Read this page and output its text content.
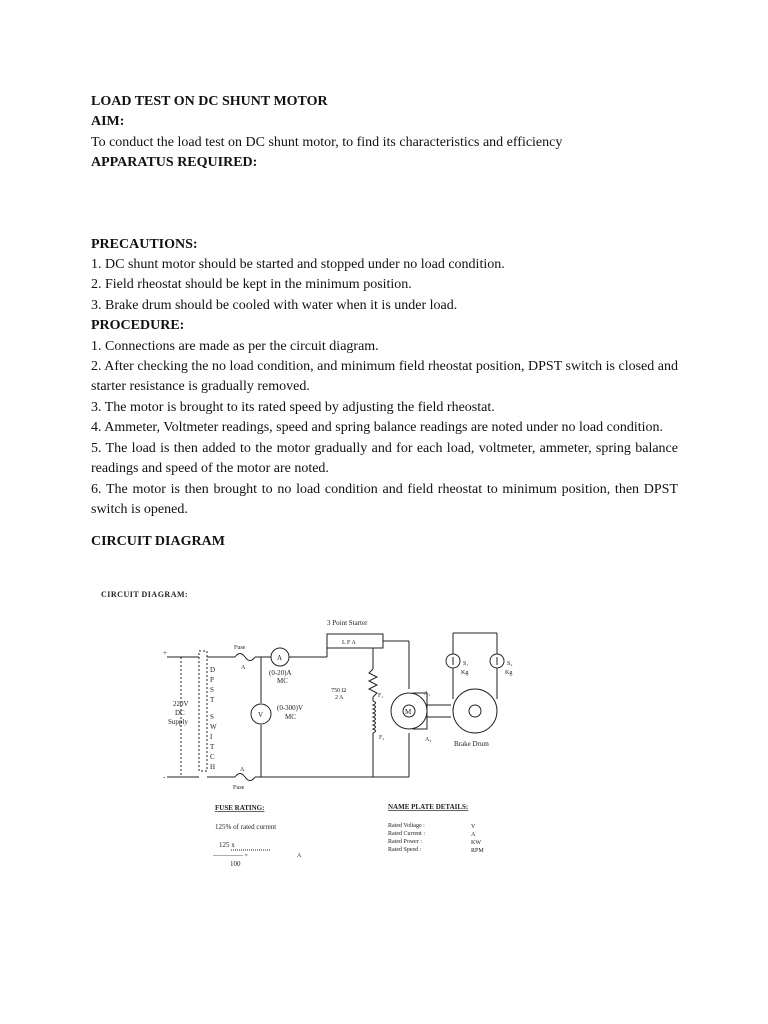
LOAD TEST ON DC SHUNT MOTOR

AIM:

To conduct the load test on DC shunt motor, to find its characteristics and efficiency

APPARATUS REQUIRED:

PRECAUTIONS:

1. DC shunt motor should be started and stopped under no load condition.

2. Field rheostat should be kept in the minimum position.

3. Brake drum should be cooled with water when it is under load.

PROCEDURE:

1. Connections are made as per the circuit diagram.

2. After checking the no load condition, and minimum field rheostat position, DPST switch is closed and starter resistance is gradually removed.

3. The motor is brought to its rated speed by adjusting the field rheostat.

4. Ammeter, Voltmeter readings, speed and spring balance readings are noted under no load condition.

5. The load is then added to the motor gradually and for each load, voltmeter, ammeter, spring balance readings and speed of the motor are noted.

6. The motor is then brought to no load condition and field rheostat to minimum position, then DPST switch is opened.

CIRCUIT DIAGRAM

CIRCUIT DIAGRAM:
3 Point Starter
L F A
+
-
220V
DC
Supply
D
P
S
T
S
W
I
T
C
H
Fuse
A
A
Fuse
A
(0-20)A
MC
V
(0-300)V
MC
750 Ω
2 A	F₁
F₂
A₁
A₂
M
S₁
Kg
S₂
Kg
Brake Drum
FUSE RATING:
125% of rated current
125 x
--------------- =	A
100
NAME PLATE DETAILS:
Rated Voltage :	V
Rated Current :	A
Rated Power :	KW
Rated Speed :	RPM
